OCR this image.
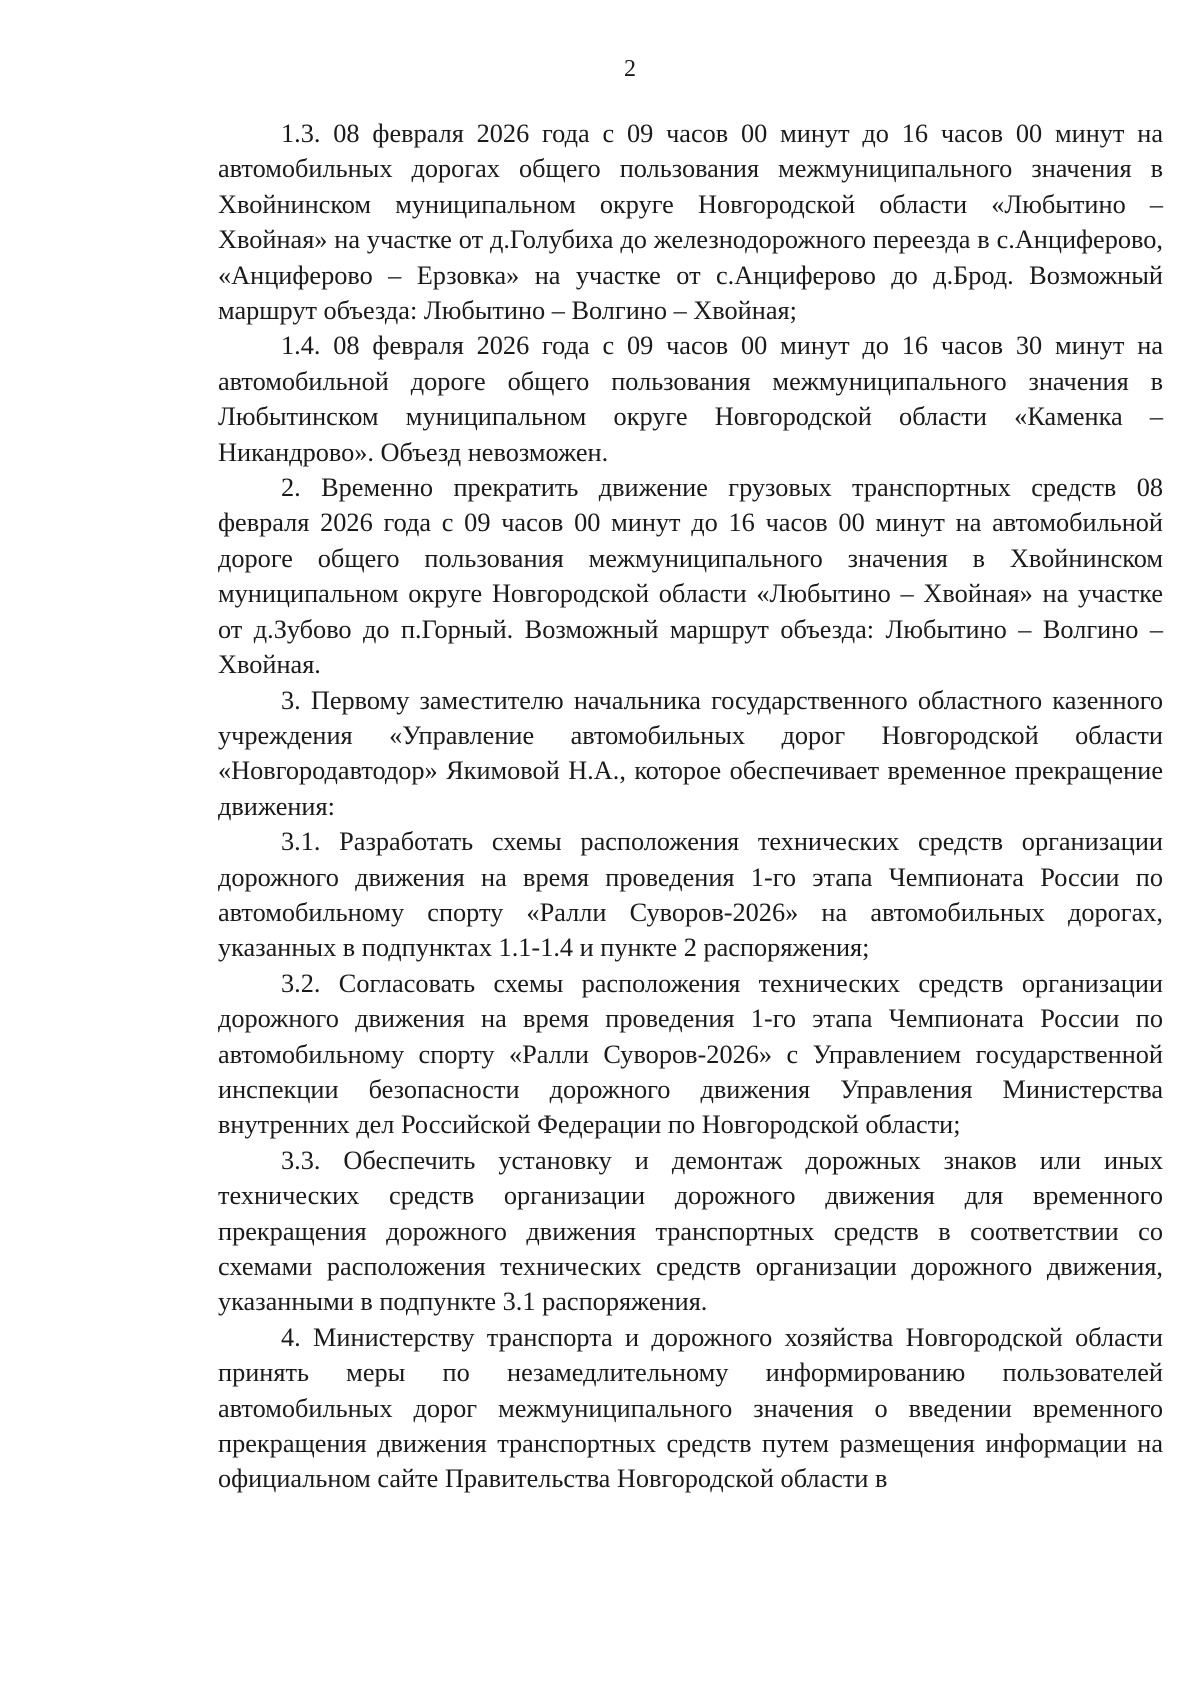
2

1.3. 08 февраля 2026 года с 09 часов 00 минут до 16 часов 00 минут на автомобильных дорогах общего пользования межмуниципального значения в Хвойнинском муниципальном округе Новгородской области «Любытино – Хвойная» на участке от д.Голубиха до железнодорожного переезда в с.Анциферово, «Анциферово – Ерзовка» на участке от с.Анциферово до д.Брод. Возможный маршрут объезда: Любытино – Волгино – Хвойная;

1.4. 08 февраля 2026 года с 09 часов 00 минут до 16 часов 30 минут на автомобильной дороге общего пользования межмуниципального значения в Любытинском муниципальном округе Новгородской области «Каменка – Никандрово». Объезд невозможен.

2. Временно прекратить движение грузовых транспортных средств 08 февраля 2026 года с 09 часов 00 минут до 16 часов 00 минут на автомобильной дороге общего пользования межмуниципального значения в Хвойнинском муниципальном округе Новгородской области «Любытино – Хвойная» на участке от д.Зубово до п.Горный. Возможный маршрут объезда: Любытино – Волгино – Хвойная.

3. Первому заместителю начальника государственного областного казенного учреждения «Управление автомобильных дорог Новгородской области «Новгородавтодор» Якимовой Н.А., которое обеспечивает временное прекращение движения:

3.1. Разработать схемы расположения технических средств организации дорожного движения на время проведения 1-го этапа Чемпионата России по автомобильному спорту «Ралли Суворов-2026» на автомобильных дорогах, указанных в подпунктах 1.1-1.4 и пункте 2 распоряжения;

3.2. Согласовать схемы расположения технических средств организации дорожного движения на время проведения 1-го этапа Чемпионата России по автомобильному спорту «Ралли Суворов-2026» с Управлением государственной инспекции безопасности дорожного движения Управления Министерства внутренних дел Российской Федерации по Новгородской области;

3.3. Обеспечить установку и демонтаж дорожных знаков или иных технических средств организации дорожного движения для временного прекращения дорожного движения транспортных средств в соответствии со схемами расположения технических средств организации дорожного движения, указанными в подпункте 3.1 распоряжения.

4. Министерству транспорта и дорожного хозяйства Новгородской области принять меры по незамедлительному информированию пользователей автомобильных дорог межмуниципального значения о введении временного прекращения движения транспортных средств путем размещения информации на официальном сайте Правительства Новгородской области в
